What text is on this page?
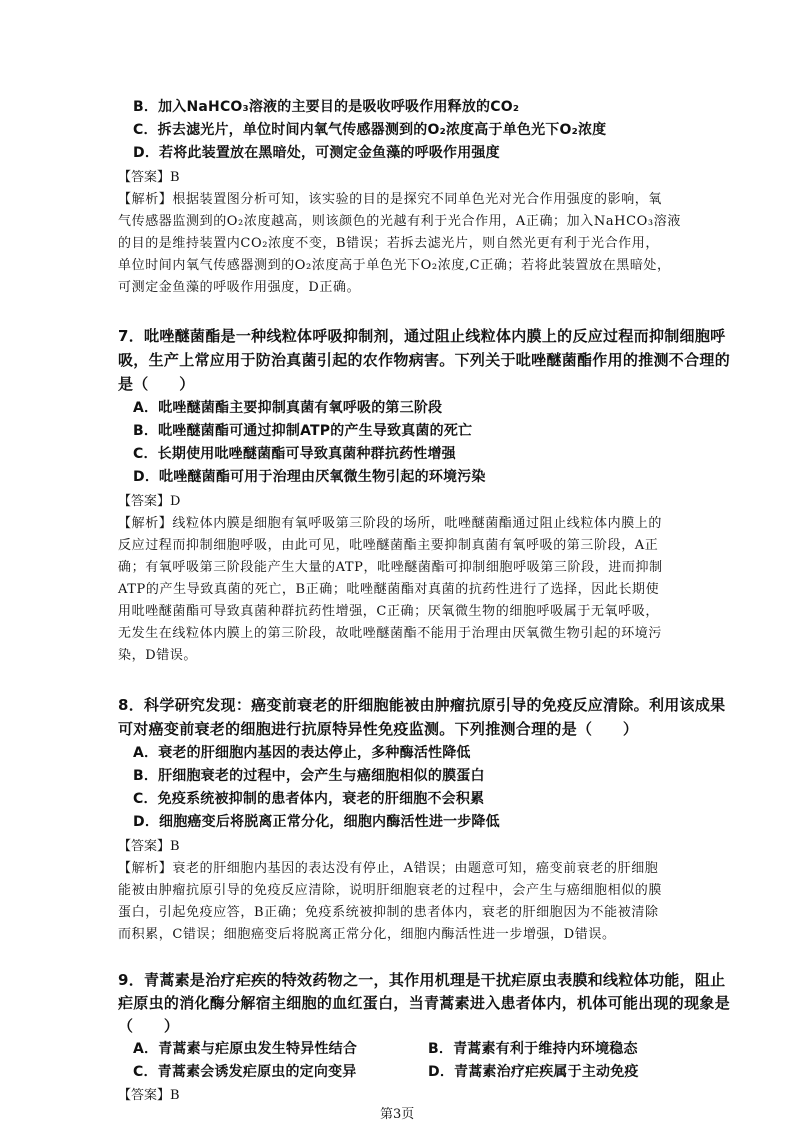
B．加入NaHCO₃溶液的主要目的是吸收呼吸作用释放的CO₂
C．拆去滤光片，单位时间内氧气传感器测到的O₂浓度高于单色光下O₂浓度
D．若将此装置放在黑暗处，可测定金鱼藻的呼吸作用强度
【答案】B
【解析】根据装置图分析可知，该实验的目的是探究不同单色光对光合作用强度的影响，氧
气传感器监测到的O₂浓度越高，则该颜色的光越有利于光合作用，A正确；加入NaHCO₃溶液
的目的是维持装置内CO₂浓度不变，B错误；若拆去滤光片，则自然光更有利于光合作用，
单位时间内氧气传感器测到的O₂浓度高于单色光下O₂浓度,C正确；若将此装置放在黑暗处，
可测定金鱼藻的呼吸作用强度，D正确。
7．吡唑醚菌酯是一种线粒体呼吸抑制剂，通过阻止线粒体内膜上的反应过程而抑制细胞呼
吸，生产上常应用于防治真菌引起的农作物病害。下列关于吡唑醚菌酯作用的推测不合理的
是（　　）
A．吡唑醚菌酯主要抑制真菌有氧呼吸的第三阶段
B．吡唑醚菌酯可通过抑制ATP的产生导致真菌的死亡
C．长期使用吡唑醚菌酯可导致真菌种群抗药性增强
D．吡唑醚菌酯可用于治理由厌氧微生物引起的环境污染
【答案】D
【解析】线粒体内膜是细胞有氧呼吸第三阶段的场所，吡唑醚菌酯通过阻止线粒体内膜上的
反应过程而抑制细胞呼吸，由此可见，吡唑醚菌酯主要抑制真菌有氧呼吸的第三阶段，A正
确；有氧呼吸第三阶段能产生大量的ATP，吡唑醚菌酯可抑制细胞呼吸第三阶段，进而抑制
ATP的产生导致真菌的死亡，B正确；吡唑醚菌酯对真菌的抗药性进行了选择，因此长期使
用吡唑醚菌酯可导致真菌种群抗药性增强，C正确；厌氧微生物的细胞呼吸属于无氧呼吸，
无发生在线粒体内膜上的第三阶段，故吡唑醚菌酯不能用于治理由厌氧微生物引起的环境污
染，D错误。
8．科学研究发现：癌变前衰老的肝细胞能被由肿瘤抗原引导的免疫反应清除。利用该成果
可对癌变前衰老的细胞进行抗原特异性免疫监测。下列推测合理的是（　　）
A．衰老的肝细胞内基因的表达停止，多种酶活性降低
B．肝细胞衰老的过程中，会产生与癌细胞相似的膜蛋白
C．免疫系统被抑制的患者体内，衰老的肝细胞不会积累
D．细胞癌变后将脱离正常分化，细胞内酶活性进一步降低
【答案】B
【解析】衰老的肝细胞内基因的表达没有停止，A错误；由题意可知，癌变前衰老的肝细胞
能被由肿瘤抗原引导的免疫反应清除，说明肝细胞衰老的过程中，会产生与癌细胞相似的膜
蛋白，引起免疫应答，B正确；免疫系统被抑制的患者体内，衰老的肝细胞因为不能被清除
而积累，C错误；细胞癌变后将脱离正常分化，细胞内酶活性进一步增强，D错误。
9．青蒿素是治疗疟疾的特效药物之一，其作用机理是干扰疟原虫表膜和线粒体功能，阻止
疟原虫的消化酶分解宿主细胞的血红蛋白，当青蒿素进入患者体内，机体可能出现的现象是
（　　）
A．青蒿素与疟原虫发生特异性结合	B．青蒿素有利于维持内环境稳态
C．青蒿素会诱发疟原虫的定向变异	D．青蒿素治疗疟疾属于主动免疫
【答案】B
第3页
